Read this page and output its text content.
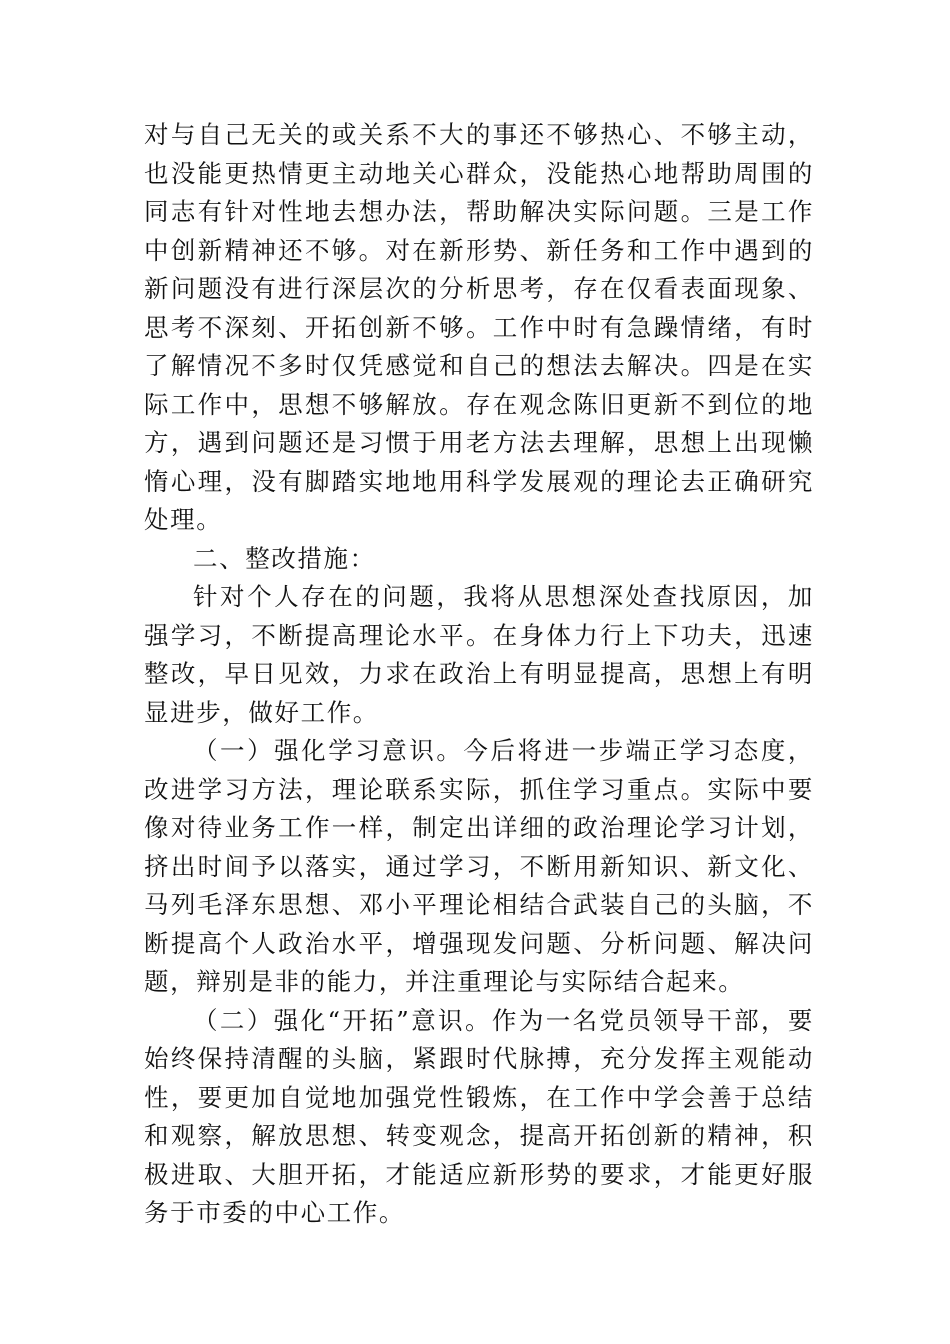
对与自己无关的或关系不大的事还不够热心、不够主动，也没能更热情更主动地关心群众，没能热心地帮助周围的同志有针对性地去想办法，帮助解决实际问题。三是工作中创新精神还不够。对在新形势、新任务和工作中遇到的新问题没有进行深层次的分析思考，存在仅看表面现象、思考不深刻、开拓创新不够。工作中时有急躁情绪，有时了解情况不多时仅凭感觉和自己的想法去解决。四是在实际工作中，思想不够解放。存在观念陈旧更新不到位的地方，遇到问题还是习惯于用老方法去理解，思想上出现懒惰心理，没有脚踏实地地用科学发展观的理论去正确研究处理。

二、整改措施：

针对个人存在的问题，我将从思想深处查找原因，加强学习，不断提高理论水平。在身体力行上下功夫，迅速整改，早日见效，力求在政治上有明显提高，思想上有明显进步，做好工作。

（一）强化学习意识。今后将进一步端正学习态度，改进学习方法，理论联系实际，抓住学习重点。实际中要像对待业务工作一样，制定出详细的政治理论学习计划，挤出时间予以落实，通过学习，不断用新知识、新文化、马列毛泽东思想、邓小平理论相结合武装自己的头脑，不断提高个人政治水平，增强现发问题、分析问题、解决问题，辩别是非的能力，并注重理论与实际结合起来。

（二）强化“开拓”意识。作为一名党员领导干部，要始终保持清醒的头脑，紧跟时代脉搏，充分发挥主观能动性，要更加自觉地加强党性锻炼，在工作中学会善于总结和观察，解放思想、转变观念，提高开拓创新的精神，积极进取、大胆开拓，才能适应新形势的要求，才能更好服务于市委的中心工作。
